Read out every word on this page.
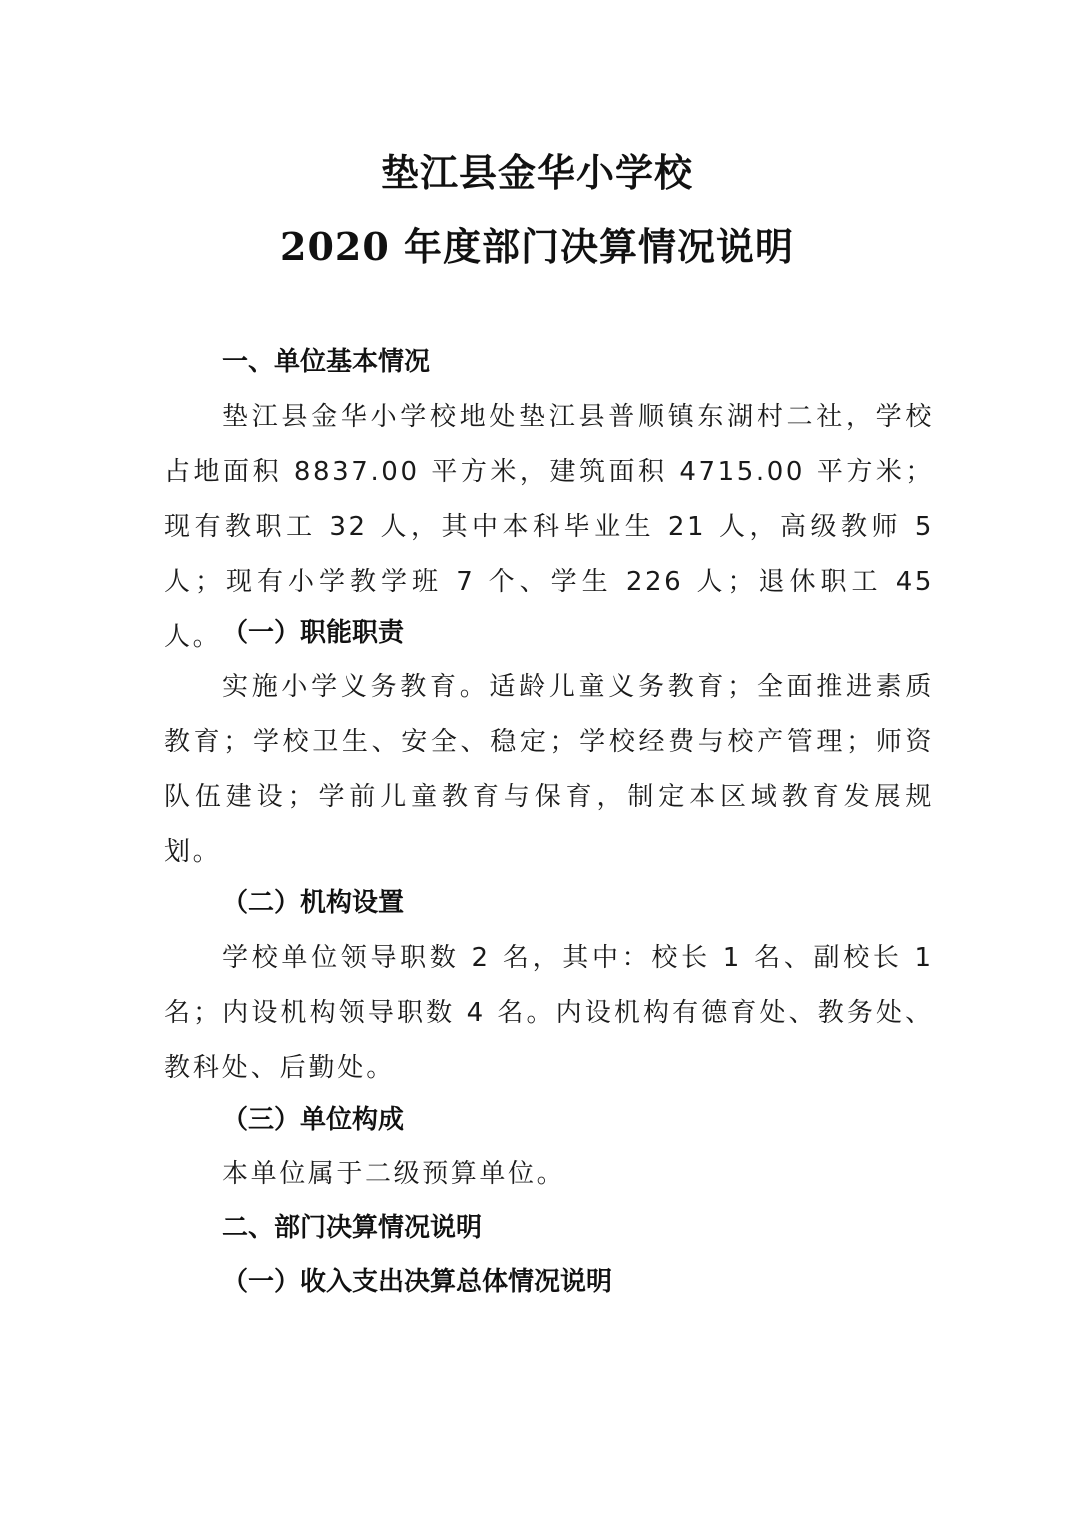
垫江县金华小学校
2020 年度部门决算情况说明
一、单位基本情况

垫江县金华小学校地处垫江县普顺镇东湖村二社，学校占地面积 8837.00 平方米，建筑面积 4715.00 平方米；现有教职工 32 人，其中本科毕业生 21 人，高级教师 5 人；现有小学教学班 7 个、学生 226 人；退休职工 45 人。 （一）职能职责

实施小学义务教育。适龄儿童义务教育；全面推进素质教育；学校卫生、安全、稳定；学校经费与校产管理；师资队伍建设；学前儿童教育与保育，制定本区域教育发展规划。

（二）机构设置

学校单位领导职数 2 名，其中：校长 1 名、副校长 1 名；内设机构领导职数 4 名。内设机构有德育处、教务处、教科处、后勤处。

（三）单位构成

本单位属于二级预算单位。

二、部门决算情况说明
（一）收入支出决算总体情况说明
